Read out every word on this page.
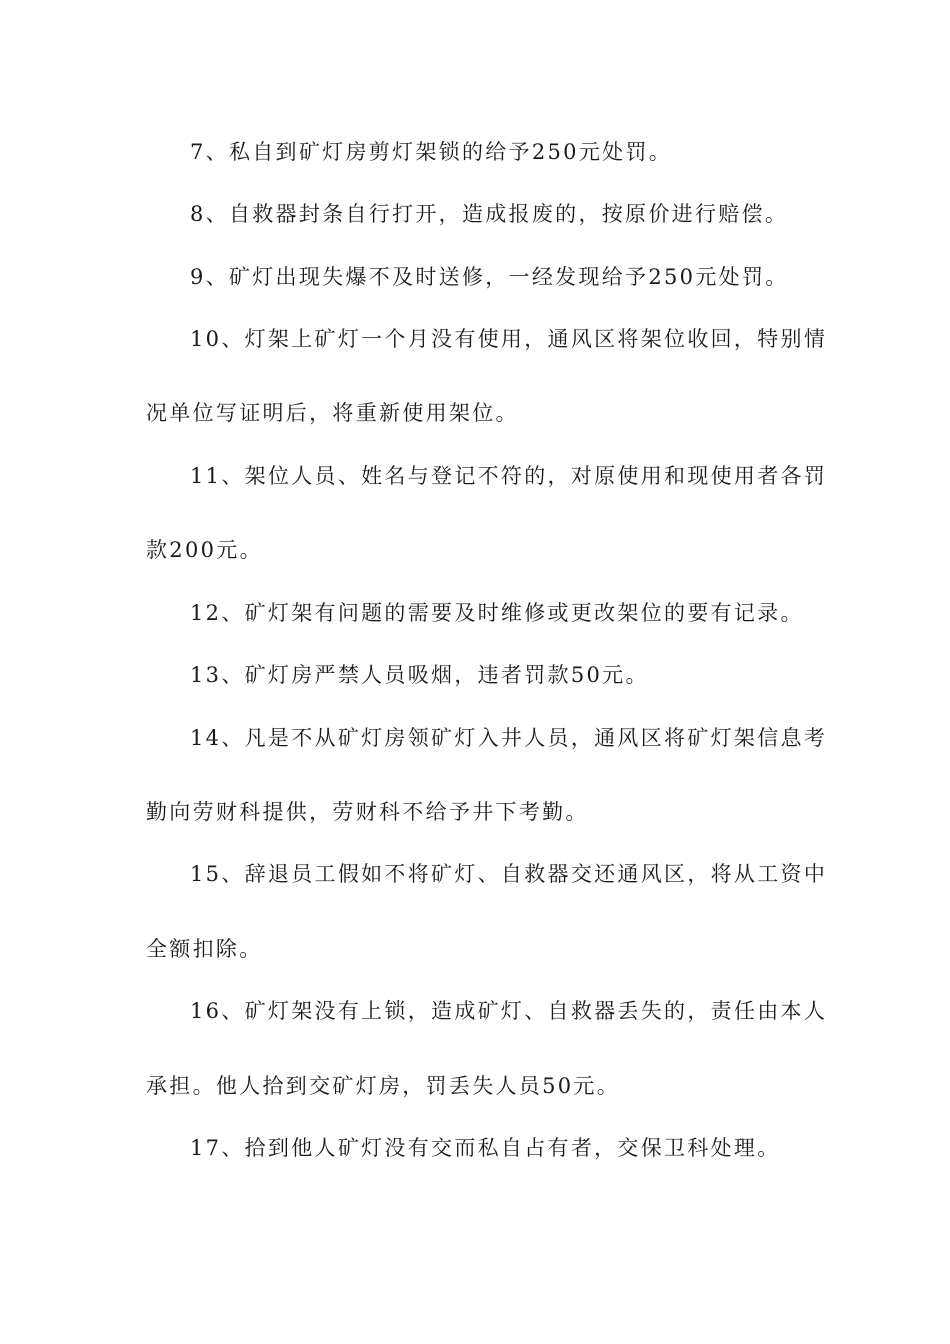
7、私自到矿灯房剪灯架锁的给予250元处罚。
8、自救器封条自行打开，造成报废的，按原价进行赔偿。
9、矿灯出现失爆不及时送修，一经发现给予250元处罚。
10、灯架上矿灯一个月没有使用，通风区将架位收回，特别情
况单位写证明后，将重新使用架位。
11、架位人员、姓名与登记不符的，对原使用和现使用者各罚
款200元。
12、矿灯架有问题的需要及时维修或更改架位的要有记录。
13、矿灯房严禁人员吸烟，违者罚款50元。
14、凡是不从矿灯房领矿灯入井人员，通风区将矿灯架信息考
勤向劳财科提供，劳财科不给予井下考勤。
15、辞退员工假如不将矿灯、自救器交还通风区，将从工资中
全额扣除。
16、矿灯架没有上锁，造成矿灯、自救器丢失的，责任由本人
承担。他人拾到交矿灯房，罚丢失人员50元。
17、拾到他人矿灯没有交而私自占有者，交保卫科处理。
